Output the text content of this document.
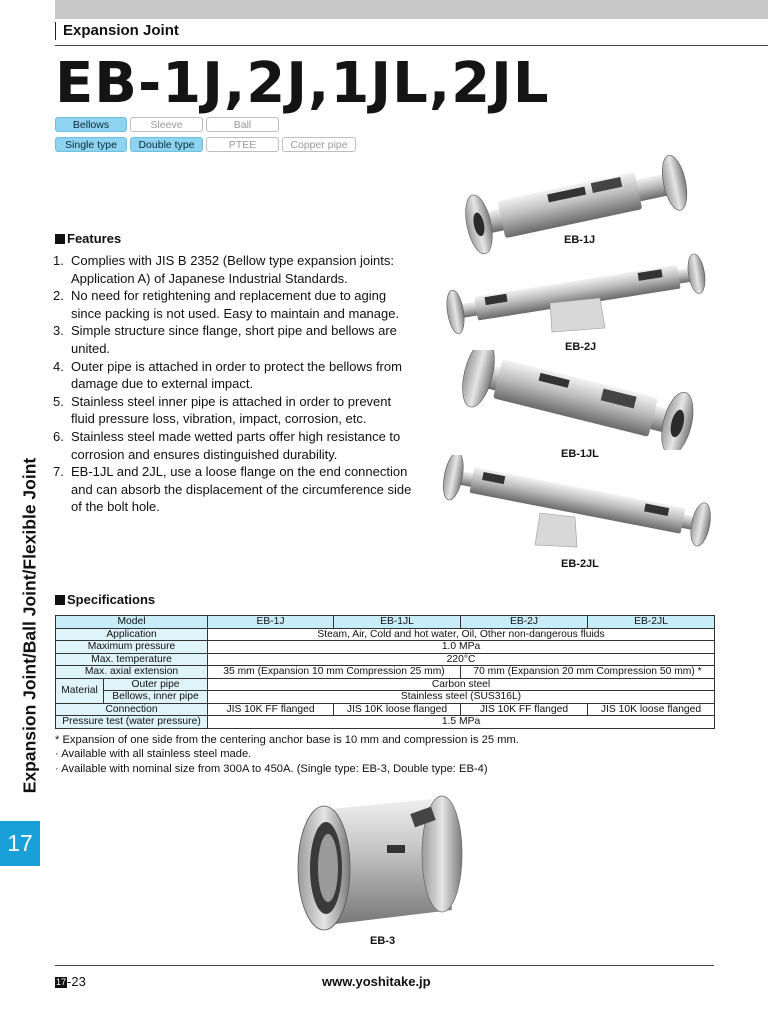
Expansion Joint
EB-1J,2J,1JL,2JL
Bellows	Sleeve	Ball
Single type	Double type	PTEE	Copper pipe
Features
1. Complies with JIS B 2352 (Bellow type expansion joints: Application A) of Japanese Industrial Standards.
2. No need for retightening and replacement due to aging since packing is not used. Easy to maintain and manage.
3. Simple structure since flange, short pipe and bellows are united.
4. Outer pipe is attached in order to protect the bellows from damage due to external impact.
5. Stainless steel inner pipe is attached in order to prevent fluid pressure loss, vibration, impact, corrosion, etc.
6. Stainless steel made wetted parts offer high resistance to corrosion and ensures distinguished durability.
7. EB-1JL and 2JL, use a loose flange on the end connection and can absorb the displacement of the circumference side of the bolt hole.
EB-1J
EB-2J
EB-1JL
EB-2JL
Specifications
Model		EB-1J	EB-1JL	EB-2J	EB-2JL
Application		Steam, Air, Cold and hot water, Oil, Other non-dangerous fluids			
Maximum pressure		1.0 MPa			
Max. temperature		220°C			
Max. axial extension		35 mm (Expansion 10 mm Compression 25 mm)		70 mm (Expansion 20 mm Compression 50 mm) *	
Material	Outer pipe	Carbon steel			
	Bellows, inner pipe	Stainless steel (SUS316L)			
Connection		JIS 10K FF flanged	JIS 10K loose flanged	JIS 10K FF flanged	JIS 10K loose flanged
Pressure test (water pressure)		1.5 MPa			
* Expansion of one side from the centering anchor base is 10 mm and compression is 25 mm.
· Available with all stainless steel made.
· Available with nominal size from 300A to 450A. (Single type: EB-3, Double type: EB-4)
EB-3
Expansion Joint/Ball Joint/Flexible Joint
17
17-23	www.yoshitake.jp
